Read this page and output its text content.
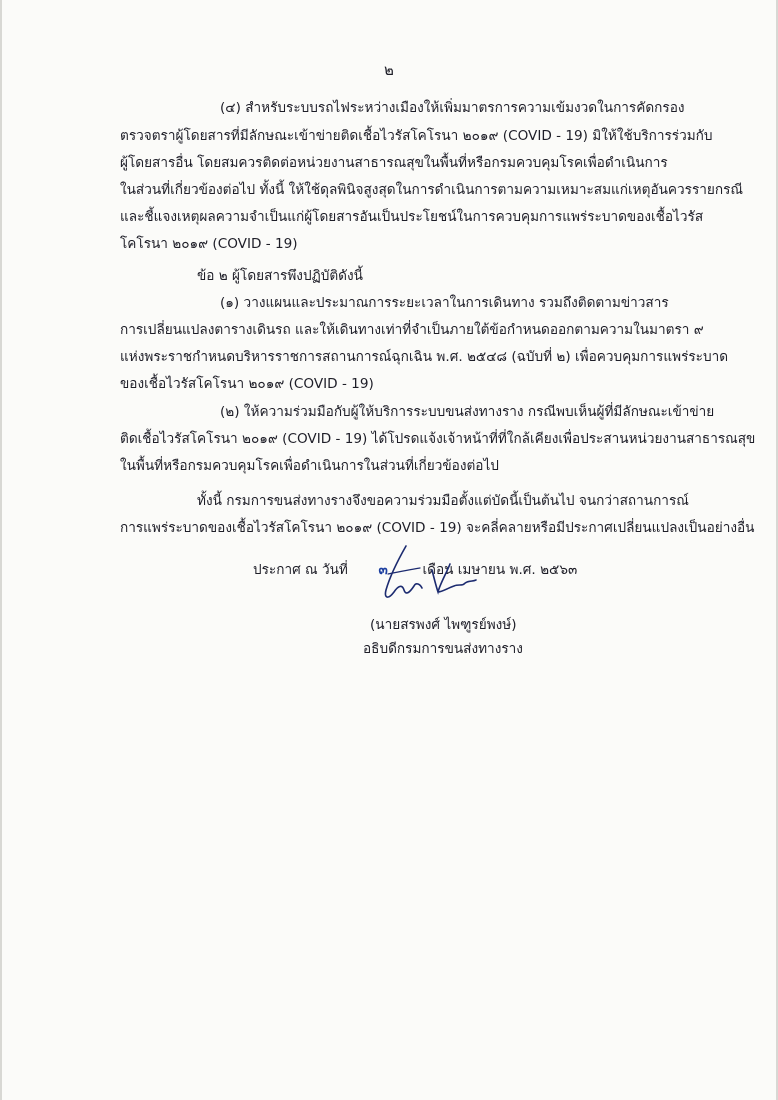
๒
(๔) สำหรับระบบรถไฟระหว่างเมืองให้เพิ่มมาตรการความเข้มงวดในการคัดกรอง
ตรวจตราผู้โดยสารที่มีลักษณะเข้าข่ายติดเชื้อไวรัสโคโรนา ๒๐๑๙ (COVID - 19) มิให้ใช้บริการร่วมกับ
ผู้โดยสารอื่น โดยสมควรติดต่อหน่วยงานสาธารณสุขในพื้นที่หรือกรมควบคุมโรคเพื่อดำเนินการ
ในส่วนที่เกี่ยวข้องต่อไป ทั้งนี้ ให้ใช้ดุลพินิจสูงสุดในการดำเนินการตามความเหมาะสมแก่เหตุอันควรรายกรณี
และชี้แจงเหตุผลความจำเป็นแก่ผู้โดยสารอันเป็นประโยชน์ในการควบคุมการแพร่ระบาดของเชื้อไวรัส
โคโรนา ๒๐๑๙ (COVID - 19)
ข้อ ๒ ผู้โดยสารพึงปฏิบัติดังนี้
(๑) วางแผนและประมาณการระยะเวลาในการเดินทาง รวมถึงติดตามข่าวสาร
การเปลี่ยนแปลงตารางเดินรถ และให้เดินทางเท่าที่จำเป็นภายใต้ข้อกำหนดออกตามความในมาตรา ๙
แห่งพระราชกำหนดบริหารราชการสถานการณ์ฉุกเฉิน พ.ศ. ๒๕๔๘ (ฉบับที่ ๒) เพื่อควบคุมการแพร่ระบาด
ของเชื้อไวรัสโคโรนา ๒๐๑๙ (COVID - 19)
(๒) ให้ความร่วมมือกับผู้ให้บริการระบบขนส่งทางราง กรณีพบเห็นผู้ที่มีลักษณะเข้าข่าย
ติดเชื้อไวรัสโคโรนา ๒๐๑๙ (COVID - 19) ได้โปรดแจ้งเจ้าหน้าที่ที่ใกล้เคียงเพื่อประสานหน่วยงานสาธารณสุข
ในพื้นที่หรือกรมควบคุมโรคเพื่อดำเนินการในส่วนที่เกี่ยวข้องต่อไป
ทั้งนี้ กรมการขนส่งทางรางจึงขอความร่วมมือตั้งแต่บัดนี้เป็นต้นไป จนกว่าสถานการณ์
การแพร่ระบาดของเชื้อไวรัสโคโรนา ๒๐๑๙ (COVID - 19) จะคลี่คลายหรือมีประกาศเปลี่ยนแปลงเป็นอย่างอื่น
ประกาศ ณ วันที่ ๓	เดือน เมษายน พ.ศ. ๒๕๖๓
(นายสรพงศ์ ไพฑูรย์พงษ์)
อธิบดีกรมการขนส่งทางราง
